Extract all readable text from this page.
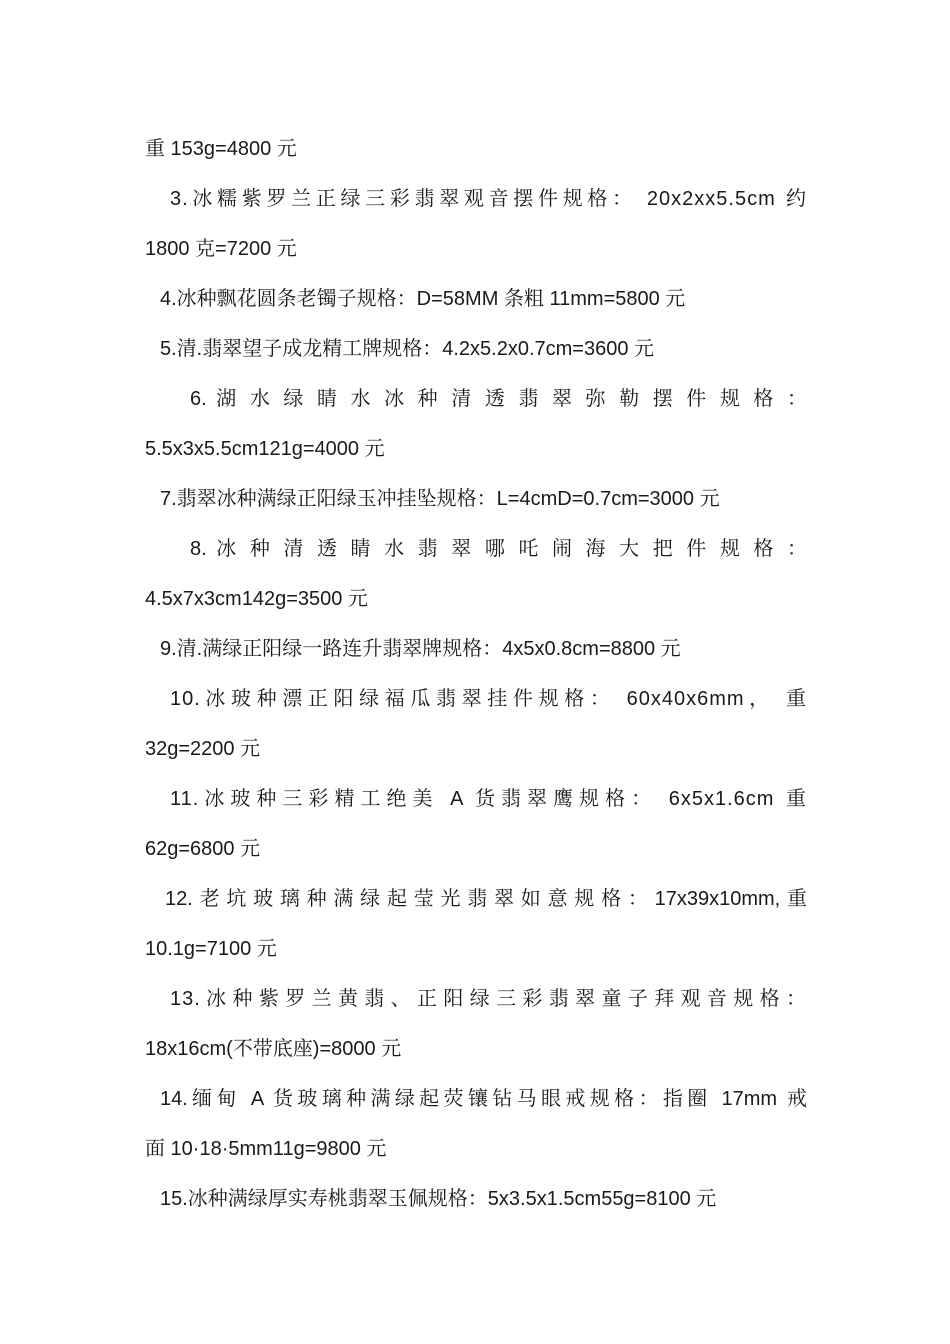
重 153g=4800 元
3.冰糯紫罗兰正绿三彩翡翠观音摆件规格： 20x2xx5.5cm 约
1800 克=7200 元
4.冰种飘花圆条老镯子规格：D=58MM 条粗 11mm=5800 元
5.清.翡翠望子成龙精工牌规格：4.2x5.2x0.7cm=3600 元
6. 湖 水 绿 睛 水 冰 种 清 透 翡 翠 弥 勒 摆 件 规 格 ：
5.5x3x5.5cm121g=4000 元
7.翡翠冰种满绿正阳绿玉冲挂坠规格：L=4cmD=0.7cm=3000 元
8. 冰 种 清 透 睛 水 翡 翠 哪 吒 闹 海 大 把 件 规 格 ：
4.5x7x3cm142g=3500 元
9.清.满绿正阳绿一路连升翡翠牌规格：4x5x0.8cm=8800 元
10.冰玻种漂正阳绿福瓜翡翠挂件规格： 60x40x6mm， 重
32g=2200 元
11.冰玻种三彩精工绝美 A 货翡翠鹰规格： 6x5x1.6cm 重
62g=6800 元
12.老坑玻璃种满绿起莹光翡翠如意规格：17x39x10mm,重
10.1g=7100 元
13.冰种紫罗兰黄翡、正阳绿三彩翡翠童子拜观音规格：
18x16cm(不带底座)=8000 元
14.缅甸 A 货玻璃种满绿起荧镶钻马眼戒规格：指圈 17mm 戒
面 10·18·5mm11g=9800 元
15.冰种满绿厚实寿桃翡翠玉佩规格：5x3.5x1.5cm55g=8100 元
